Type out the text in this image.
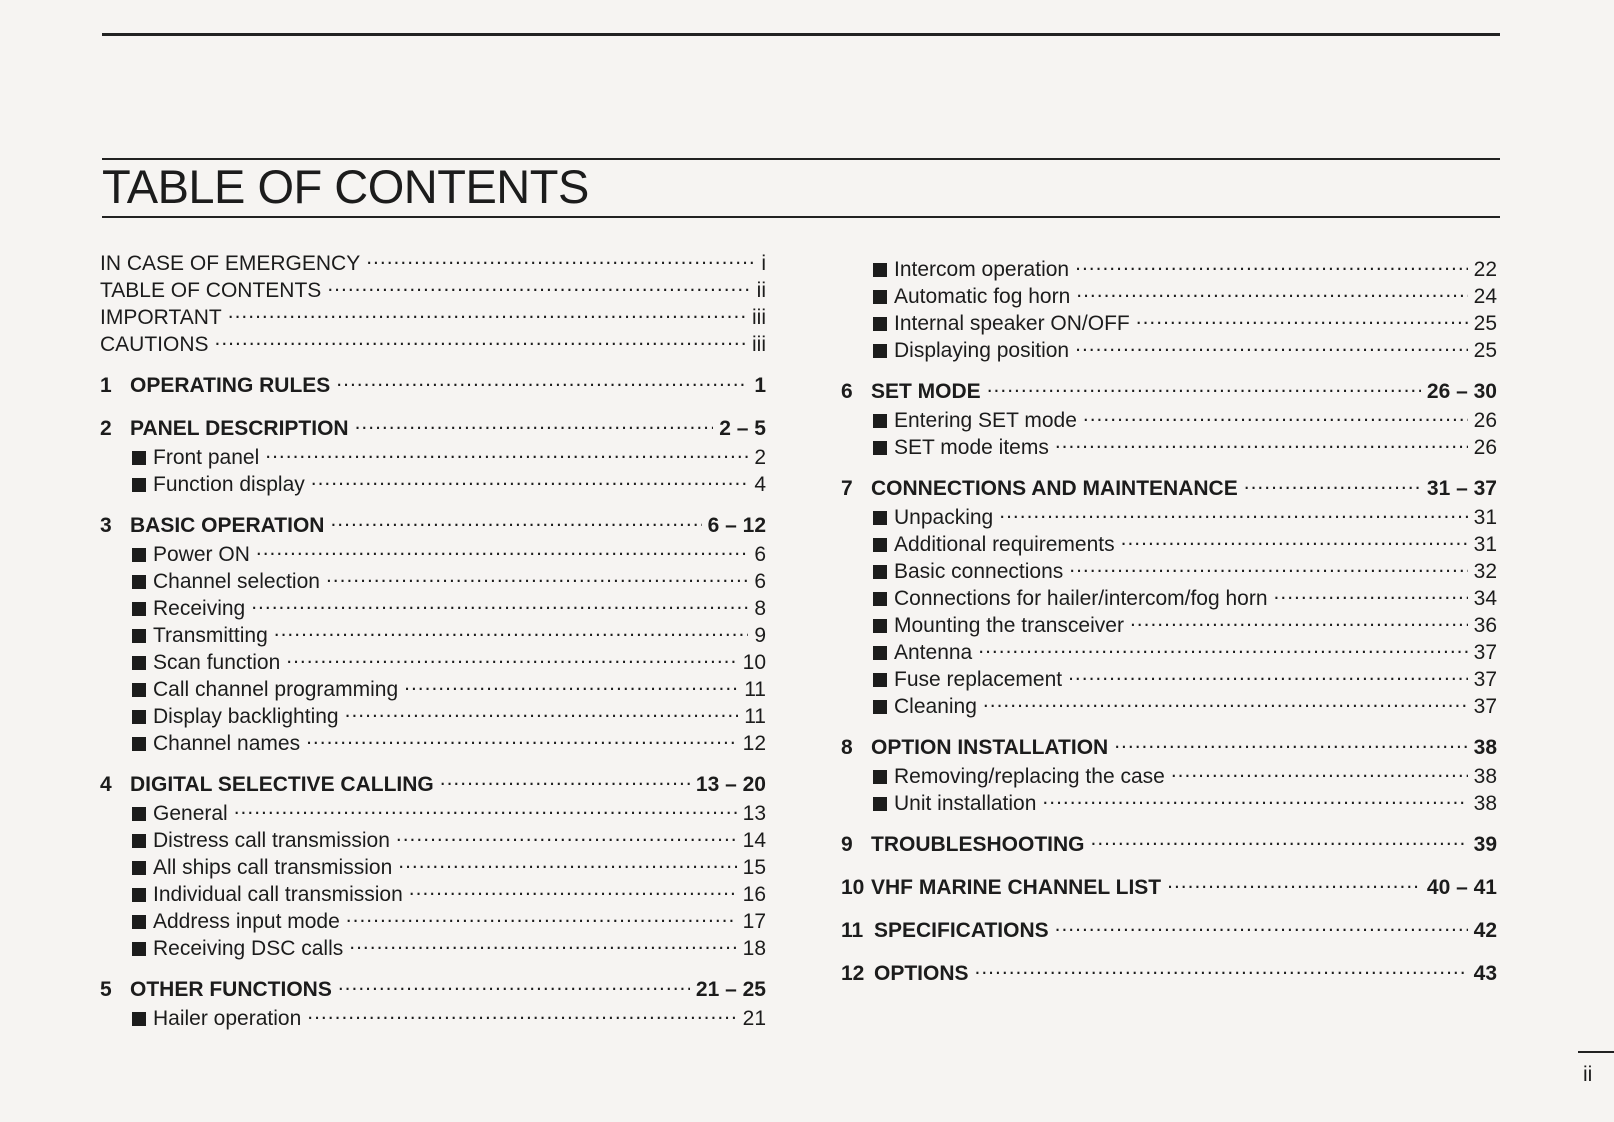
TABLE OF CONTENTS
IN CASE OF EMERGENCY .....	i
TABLE OF CONTENTS .....	ii
IMPORTANT .....	iii
CAUTIONS .....	iii
1 OPERATING RULES .....	1
2 PANEL DESCRIPTION .....	2 – 5
Front panel .....	2
Function display .....	4
3 BASIC OPERATION .....	6 – 12
Power ON .....	6
Channel selection .....	6
Receiving .....	8
Transmitting .....	9
Scan function .....	10
Call channel programming .....	11
Display backlighting .....	11
Channel names .....	12
4 DIGITAL SELECTIVE CALLING .....	13 – 20
General .....	13
Distress call transmission .....	14
All ships call transmission .....	15
Individual call transmission .....	16
Address input mode .....	17
Receiving DSC calls .....	18
5 OTHER FUNCTIONS .....	21 – 25
Hailer operation .....	21
Intercom operation .....	22
Automatic fog horn .....	24
Internal speaker ON/OFF .....	25
Displaying position .....	25
6 SET MODE .....	26 – 30
Entering SET mode .....	26
SET mode items .....	26
7 CONNECTIONS AND MAINTENANCE .....	31 – 37
Unpacking .....	31
Additional requirements .....	31
Basic connections .....	32
Connections for hailer/intercom/fog horn .....	34
Mounting the transceiver .....	36
Antenna .....	37
Fuse replacement .....	37
Cleaning .....	37
8 OPTION INSTALLATION .....	38
Removing/replacing the case .....	38
Unit installation .....	38
9 TROUBLESHOOTING .....	39
10 VHF MARINE CHANNEL LIST .....	40 – 41
11 SPECIFICATIONS .....	42
12 OPTIONS .....	43
ii
